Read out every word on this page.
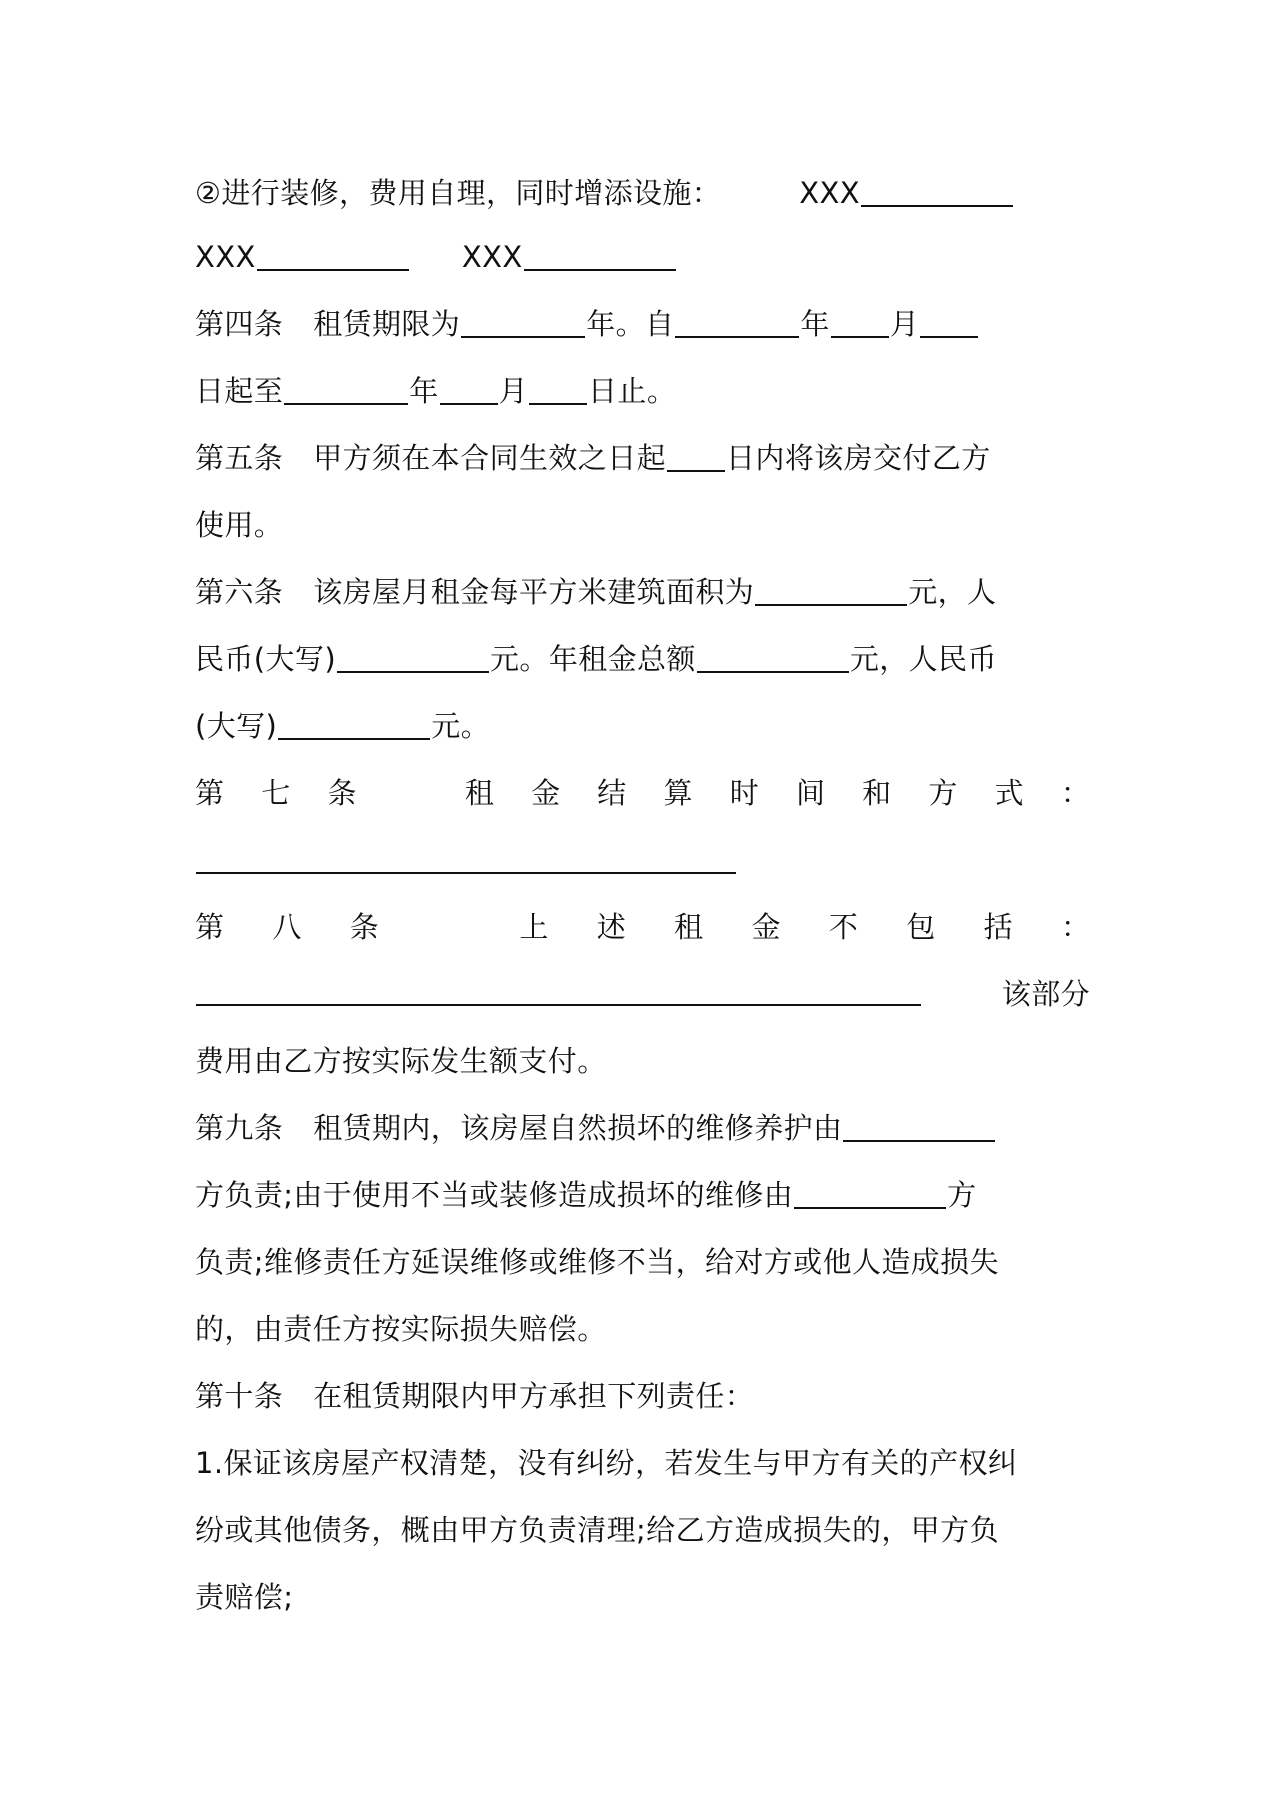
②进行装修，费用自理，同时增添设施：	XXX
XXX	XXX
第四条 租赁期限为	年。自	年 月
日起至	年 月 日止。
第五条 甲方须在本合同生效之日起 日内将该房交付乙方
使用。
第六条 该房屋月租金每平方米建筑面积为	元，人
民币(大写)	元。年租金总额	元，人民币
(大写)	元。
第 七 条	租 金 结 算 时 间 和 方 式 ：
第 八 条	上 述 租 金 不 包 括 ：
该部分
费用由乙方按实际发生额支付。
第九条 租赁期内，该房屋自然损坏的维修养护由
方负责;由于使用不当或装修造成损坏的维修由	方
负责;维修责任方延误维修或维修不当，给对方或他人造成损失
的，由责任方按实际损失赔偿。
第十条 在租赁期限内甲方承担下列责任：
1.保证该房屋产权清楚，没有纠纷，若发生与甲方有关的产权纠
纷或其他债务，概由甲方负责清理;给乙方造成损失的，甲方负
责赔偿;
